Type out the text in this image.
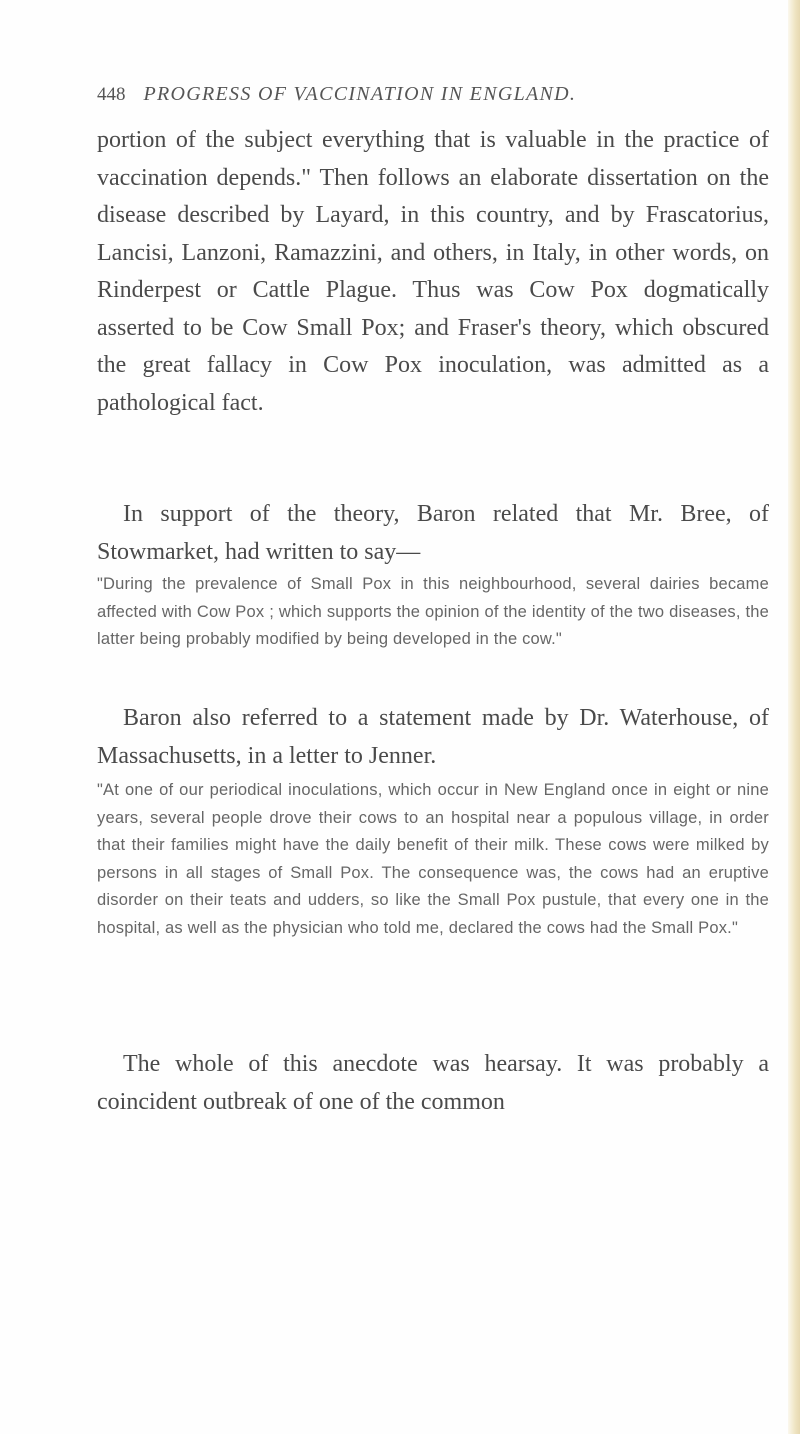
448 PROGRESS OF VACCINATION IN ENGLAND.

portion of the subject everything that is valuable in the practice of vaccination depends." Then follows an elaborate dissertation on the disease described by Layard, in this country, and by Frascatorius, Lancisi, Lanzoni, Ramazzini, and others, in Italy, in other words, on Rinderpest or Cattle Plague. Thus was Cow Pox dogmatically asserted to be Cow Small Pox; and Fraser's theory, which obscured the great fallacy in Cow Pox inoculation, was admitted as a pathological fact.

In support of the theory, Baron related that Mr. Bree, of Stowmarket, had written to say—

"During the prevalence of Small Pox in this neighbourhood, several dairies became affected with Cow Pox ; which supports the opinion of the identity of the two diseases, the latter being probably modified by being developed in the cow."

Baron also referred to a statement made by Dr. Waterhouse, of Massachusetts, in a letter to Jenner.

"At one of our periodical inoculations, which occur in New England once in eight or nine years, several people drove their cows to an hospital near a populous village, in order that their families might have the daily benefit of their milk. These cows were milked by persons in all stages of Small Pox. The consequence was, the cows had an eruptive disorder on their teats and udders, so like the Small Pox pustule, that every one in the hospital, as well as the physician who told me, declared the cows had the Small Pox."

The whole of this anecdote was hearsay. It was probably a coincident outbreak of one of the common
